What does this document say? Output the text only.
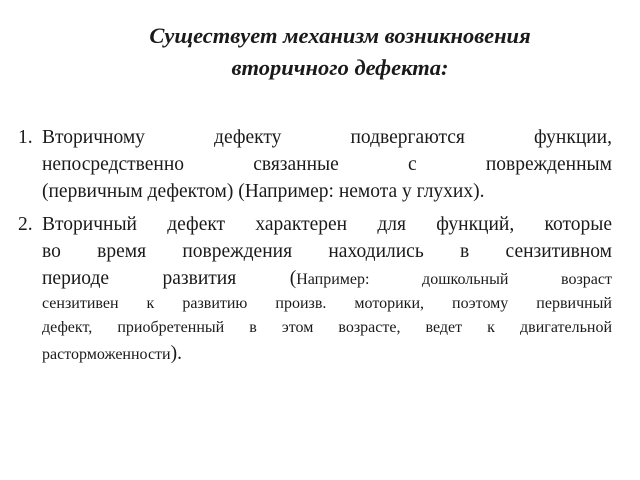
Существует механизм возникновения
вторичного дефекта:
1. Вторичному дефекту подвергаются функции,
непосредственно связанные с поврежденным
(первичным дефектом) (Например: немота у глухих).
2. Вторичный дефект характерен для функций, которые
во время повреждения находились в сензитивном
периоде развития (Например: дошкольный возраст
сензитивен к развитию произв. моторики, поэтому первичный
дефект, приобретенный в этом возрасте, ведет к двигательной
расторможенности).
